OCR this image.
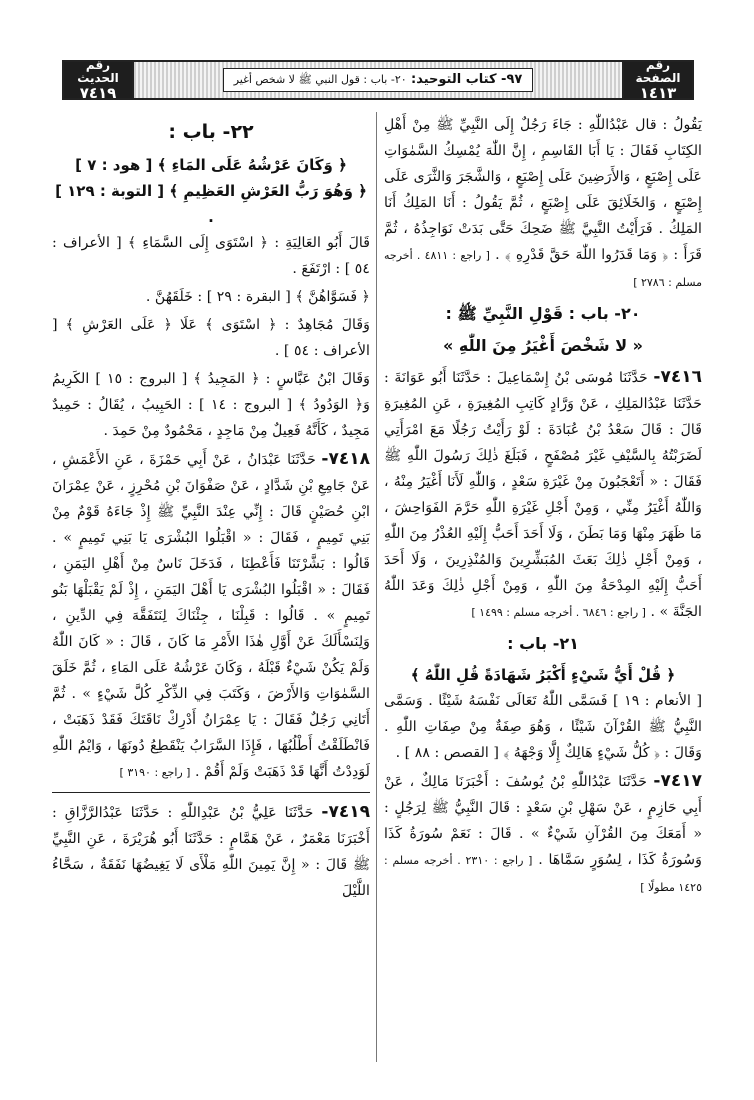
رقم الحديث
٧٤١٩
٩٧- كتاب التوحيد: ٢٠- باب : قول النبي ﷺ لا شخص أغير
رقم الصفحة
١٤١٣

يَقُولُ : قال عَبْدُاللّٰهِ : جَاءَ رَجُلٌ إِلَى النَّبِيِّ ﷺ مِنْ أَهْلِ الكِتَابِ فَقَالَ : يَا أَبَا القَاسِمِ ، إِنَّ اللّٰهَ يُمْسِكُ السَّمٰوَاتِ عَلَى إِصْبَعٍ ، وَالأَرَضِينَ عَلَى إِصْبَعٍ ، وَالشَّجَرَ وَالثَّرَى عَلَى إِصْبَعٍ ، وَالخَلَائِقَ عَلَى إِصْبَعٍ ، ثُمَّ يَقُولُ : أَنَا المَلِكُ أَنَا المَلِكُ . فَرَأَيْتُ النَّبِيَّ ﷺ ضَحِكَ حَتَّى بَدَتْ نَوَاجِذُهُ ، ثُمَّ قَرَأَ : ﴿ وَمَا قَدَرُوا اللّٰهَ حَقَّ قَدْرِهِ ﴾ . [ راجع : ٤٨١١ . أخرجه مسلم : ٢٧٨٦ ]

٢٠- باب : قَوْلِ النَّبِيِّ ﷺ :
« لا شَخْصَ أَغْيَرُ مِنَ اللّٰهِ »

٧٤١٦- حَدَّثَنَا مُوسَى بْنُ إِسْمَاعِيلَ : حَدَّثَنَا أَبُو عَوَانَةَ : حَدَّثَنَا عَبْدُالمَلِكِ ، عَنْ وَرَّادٍ كَاتِبِ المُغِيرَةِ ، عَنِ المُغِيرَةِ قَالَ : قَالَ سَعْدُ بْنُ عُبَادَةَ : لَوْ رَأَيْتُ رَجُلًا مَعَ امْرَأَتِي لَضَرَبْتُهُ بِالسَّيْفِ غَيْرَ مُصْفَحٍ ، فَبَلَغَ ذٰلِكَ رَسُولَ اللّٰهِ ﷺ فَقَالَ : « أَتَعْجَبُونَ مِنْ غَيْرَةِ سَعْدٍ ، وَاللّٰهِ لَأَنَا أَغْيَرُ مِنْهُ ، وَاللّٰهُ أَغْيَرُ مِنِّي ، وَمِنْ أَجْلِ غَيْرَةِ اللّٰهِ حَرَّمَ الفَوَاحِشَ ، مَا ظَهَرَ مِنْهَا وَمَا بَطَنَ ، وَلَا أَحَدَ أَحَبُّ إِلَيْهِ العُذْرُ مِنَ اللّٰهِ ، وَمِنْ أَجْلِ ذٰلِكَ بَعَثَ المُبَشِّرِينَ وَالمُنْذِرِينَ ، وَلَا أَحَدَ أَحَبُّ إِلَيْهِ المِدْحَةُ مِنَ اللّٰهِ ، وَمِنْ أَجْلِ ذٰلِكَ وَعَدَ اللّٰهُ الجَنَّةَ » . [ راجع : ٦٨٤٦ . أخرجه مسلم : ١٤٩٩ ]

٢١- باب :
﴿ قُلْ أَيُّ شَيْءٍ أَكْبَرُ شَهَادَةً قُلِ اللّٰهُ ﴾

[ الأنعام : ١٩ ] فَسَمَّى اللّٰهُ تَعَالَى نَفْسَهُ شَيْئًا . وَسَمَّى النَّبِيُّ ﷺ القُرْآنَ شَيْئًا ، وَهُوَ صِفَةٌ مِنْ صِفَاتِ اللّٰهِ . وَقَالَ : ﴿ كُلُّ شَيْءٍ هَالِكٌ إِلَّا وَجْهَهُ ﴾ [ القصص : ٨٨ ] .

٧٤١٧- حَدَّثَنَا عَبْدُاللّٰهِ بْنُ يُوسُفَ : أَخْبَرَنَا مَالِكٌ ، عَنْ أَبِي حَازِمٍ ، عَنْ سَهْلِ بْنِ سَعْدٍ : قَالَ النَّبِيُّ ﷺ لِرَجُلٍ : « أَمَعَكَ مِنَ القُرْآنِ شَيْءٌ » . قَالَ : نَعَمْ سُورَةُ كَذَا وَسُورَةُ كَذَا ، لِسُوَرٍ سَمَّاهَا . [ راجع : ٢٣١٠ . أخرجه مسلم : ١٤٢٥ مطولًا ]

٢٢- باب :
﴿ وَكَانَ عَرْشُهُ عَلَى المَاءِ ﴾ [ هود : ٧ ]
﴿ وَهُوَ رَبُّ العَرْشِ العَظِيمِ ﴾ [ التوبة : ١٢٩ ] .

قَالَ أَبُو العَالِيَةِ : ﴿ اسْتَوَى إِلَى السَّمَاءِ ﴾ [ الأعراف : ٥٤ ] : ارْتَفَعَ .

﴿ فَسَوَّاهُنَّ ﴾ [ البقرة : ٢٩ ] : خَلَقَهُنَّ .

وَقَالَ مُجَاهِدٌ : ﴿ اسْتَوَى ﴾ عَلَا ﴿ عَلَى العَرْشِ ﴾ [ الأعراف : ٥٤ ] .

وَقَالَ ابْنُ عَبَّاسٍ : ﴿ المَجِيدُ ﴾ [ البروج : ١٥ ] الكَرِيمُ وَ﴿ الوَدُودُ ﴾ [ البروج : ١٤ ] : الحَبِيبُ ، يُقَالُ : حَمِيدٌ مَجِيدٌ ، كَأَنَّهُ فَعِيلٌ مِنْ مَاجِدٍ ، مَحْمُودٌ مِنْ حَمِدَ .

٧٤١٨- حَدَّثَنَا عَبْدَانُ ، عَنْ أَبِي حَمْزَةَ ، عَنِ الأَعْمَشِ ، عَنْ جَامِعِ بْنِ شَدَّادٍ ، عَنْ صَفْوَانَ بْنِ مُحْرِزٍ ، عَنْ عِمْرَانَ ابْنِ حُصَيْنٍ قَالَ : إِنِّي عِنْدَ النَّبِيِّ ﷺ إِذْ جَاءَهُ قَوْمٌ مِنْ بَنِي تَمِيمٍ ، فَقَالَ : « اقْبَلُوا البُشْرَى يَا بَنِي تَمِيمٍ » . قَالُوا : بَشَّرْتَنَا فَأَعْطِنَا ، فَدَخَلَ نَاسٌ مِنْ أَهْلِ اليَمَنِ ، فَقَالَ : « اقْبَلُوا البُشْرَى يَا أَهْلَ اليَمَنِ ، إِذْ لَمْ يَقْبَلْهَا بَنُو تَمِيمٍ » . قَالُوا : قَبِلْنَا ، جِئْنَاكَ لِنَتَفَقَّهَ فِي الدِّينِ ، وَلِنَسْأَلَكَ عَنْ أَوَّلِ هٰذَا الأَمْرِ مَا كَانَ ، قَالَ : « كَانَ اللّٰهُ وَلَمْ يَكُنْ شَيْءٌ قَبْلَهُ ، وَكَانَ عَرْشُهُ عَلَى المَاءِ ، ثُمَّ خَلَقَ السَّمٰوَاتِ وَالأَرْضَ ، وَكَتَبَ فِي الذِّكْرِ كُلَّ شَيْءٍ » . ثُمَّ أَتَانِي رَجُلٌ فَقَالَ : يَا عِمْرَانُ أَدْرِكْ نَاقَتَكَ فَقَدْ ذَهَبَتْ ، فَانْطَلَقْتُ أَطْلُبُهَا ، فَإِذَا السَّرَابُ يَنْقَطِعُ دُونَهَا ، وَايْمُ اللّٰهِ لَوَدِدْتُ أَنَّهَا قَدْ ذَهَبَتْ وَلَمْ أَقُمْ . [ راجع : ٣١٩٠ ]

٧٤١٩- حَدَّثَنَا عَلِيُّ بْنُ عَبْدِاللّٰهِ : حَدَّثَنَا عَبْدُالرَّزَّاقِ : أَخْبَرَنَا مَعْمَرٌ ، عَنْ هَمَّامٍ : حَدَّثَنَا أَبُو هُرَيْرَةَ ، عَنِ النَّبِيِّ ﷺ قَالَ : « إِنَّ يَمِينَ اللّٰهِ مَلْأَى لَا يَغِيضُهَا نَفَقَةٌ ، سَحَّاءُ اللَّيْلَ
